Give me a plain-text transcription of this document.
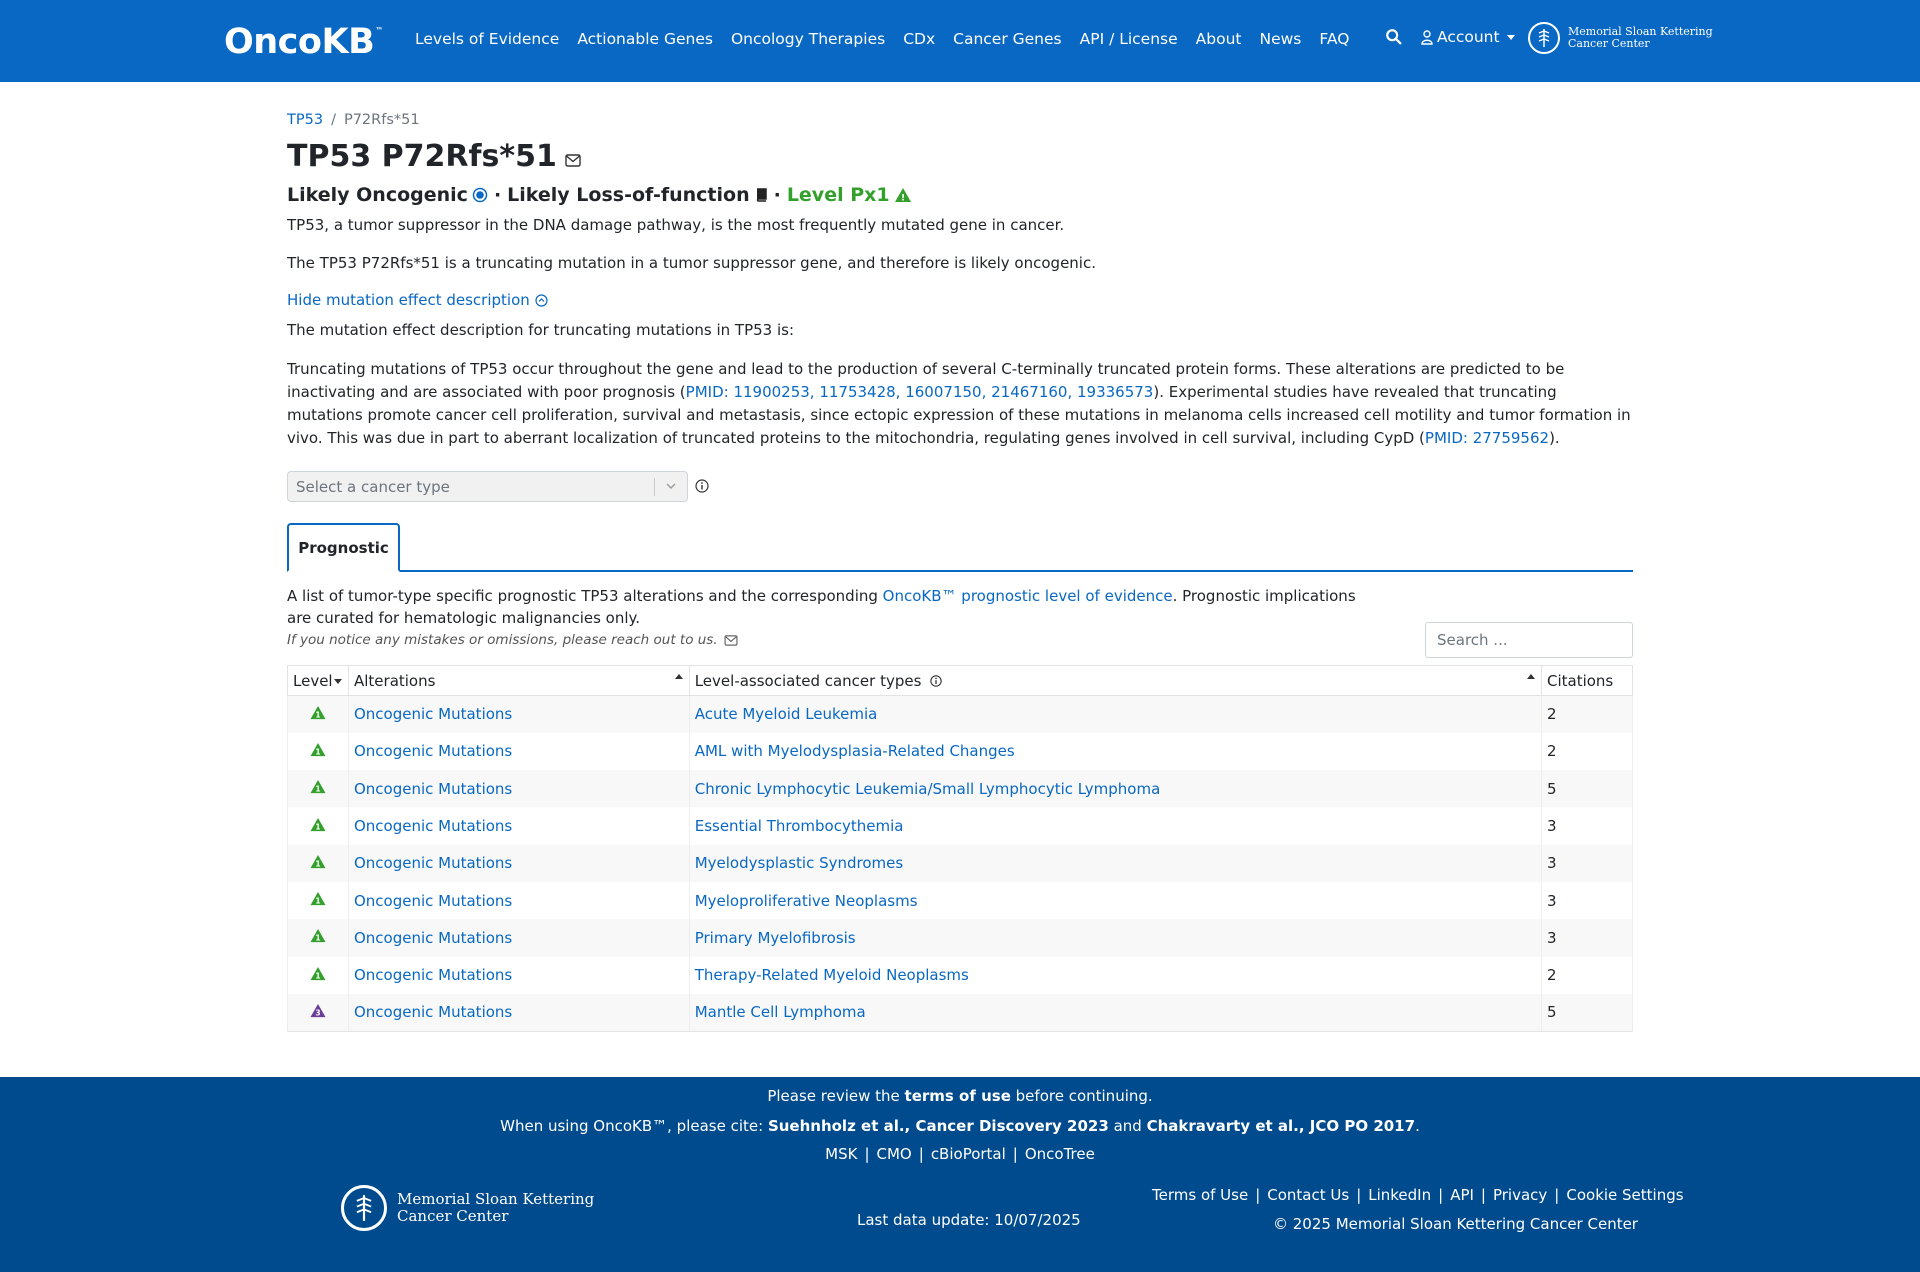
OncoKB ™ Levels of Evidence Actionable Genes Oncology Therapies CDx Cancer Genes API / License About News FAQ	Account	Memorial Sloan Kettering
Cancer Center
TP53 / P72Rfs*51
TP53 P72Rfs*51
Likely Oncogenic · Likely Loss-of-function · Level Px1 !
TP53, a tumor suppressor in the DNA damage pathway, is the most frequently mutated gene in cancer.
The TP53 P72Rfs*51 is a truncating mutation in a tumor suppressor gene, and therefore is likely oncogenic.
Hide mutation effect description
The mutation effect description for truncating mutations in TP53 is:
Truncating mutations of TP53 occur throughout the gene and lead to the production of several C-terminally truncated protein forms. These alterations are predicted to be inactivating and are associated with poor prognosis (PMID: 11900253, 11753428, 16007150, 21467160, 19336573). Experimental studies have revealed that truncating mutations promote cancer cell proliferation, survival and metastasis, since ectopic expression of these mutations in melanoma cells increased cell motility and tumor formation in vivo. This was due in part to aberrant localization of truncated proteins to the mitochondria, regulating genes involved in cell survival, including CypD (PMID: 27759562).
Select a cancer type
Prognostic
A list of tumor-type specific prognostic TP53 alterations and the corresponding OncoKB™ prognostic level of evidence. Prognostic implications are curated for hematologic malignancies only.
If you notice any mistakes or omissions, please reach out to us.	Search ...
Level	Alterations	Level-associated cancer types	Citations

1	Oncogenic Mutations	Acute Myeloid Leukemia	2

1	Oncogenic Mutations	AML with Myelodysplasia-Related Changes	2

1	Oncogenic Mutations	Chronic Lymphocytic Leukemia/Small Lymphocytic Lymphoma	5

1	Oncogenic Mutations	Essential Thrombocythemia	3

1	Oncogenic Mutations	Myelodysplastic Syndromes	3

1	Oncogenic Mutations	Myeloproliferative Neoplasms	3

1	Oncogenic Mutations	Primary Myelofibrosis	3

1	Oncogenic Mutations	Therapy-Related Myeloid Neoplasms	2

3	Oncogenic Mutations	Mantle Cell Lymphoma	5
Please review the terms of use before continuing.
When using OncoKB™, please cite: Suehnholz et al., Cancer Discovery 2023 and Chakravarty et al., JCO PO 2017.
MSK | CMO | cBioPortal | OncoTree
Memorial Sloan Kettering
Cancer Center	Last data update: 10/07/2025
Terms of Use | Contact Us | LinkedIn | API | Privacy | Cookie Settings
© 2025 Memorial Sloan Kettering Cancer Center
